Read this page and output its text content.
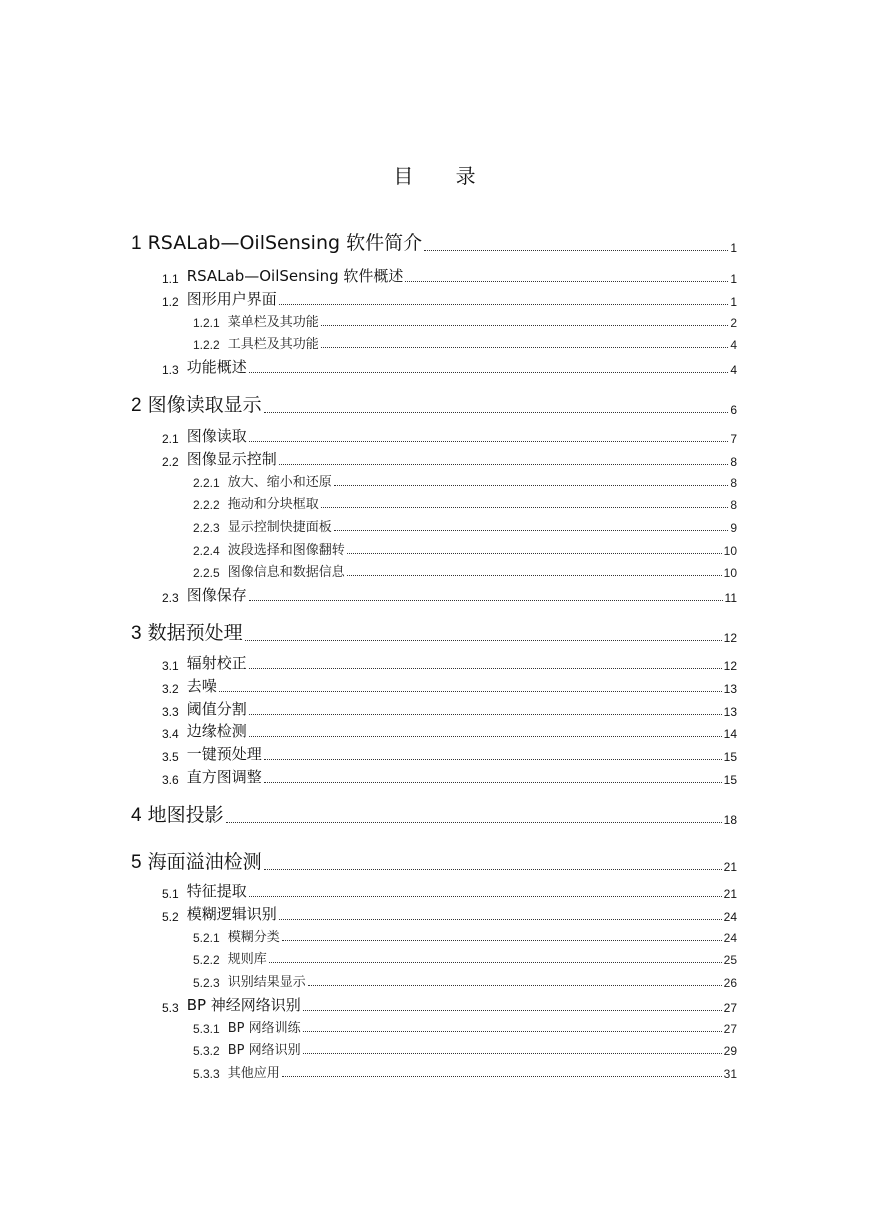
目 录
1 RSALab—OilSensing 软件简介	1
1.1 RSALab—OilSensing 软件概述	1
1.2 图形用户界面	1
1.2.1 菜单栏及其功能	2
1.2.2 工具栏及其功能	4
1.3 功能概述	4
2 图像读取显示	6
2.1 图像读取	7
2.2 图像显示控制	8
2.2.1 放大、缩小和还原	8
2.2.2 拖动和分块框取	8
2.2.3 显示控制快捷面板	9
2.2.4 波段选择和图像翻转	10
2.2.5 图像信息和数据信息	10
2.3 图像保存	11
3 数据预处理	12
3.1 辐射校正	12
3.2 去噪	13
3.3 阈值分割	13
3.4 边缘检测	14
3.5 一键预处理	15
3.6 直方图调整	15
4 地图投影	18
5 海面溢油检测	21
5.1 特征提取	21
5.2 模糊逻辑识别	24
5.2.1 模糊分类	24
5.2.2 规则库	25
5.2.3 识别结果显示	26
5.3 BP 神经网络识别	27
5.3.1 BP 网络训练	27
5.3.2 BP 网络识别	29
5.3.3 其他应用	31
